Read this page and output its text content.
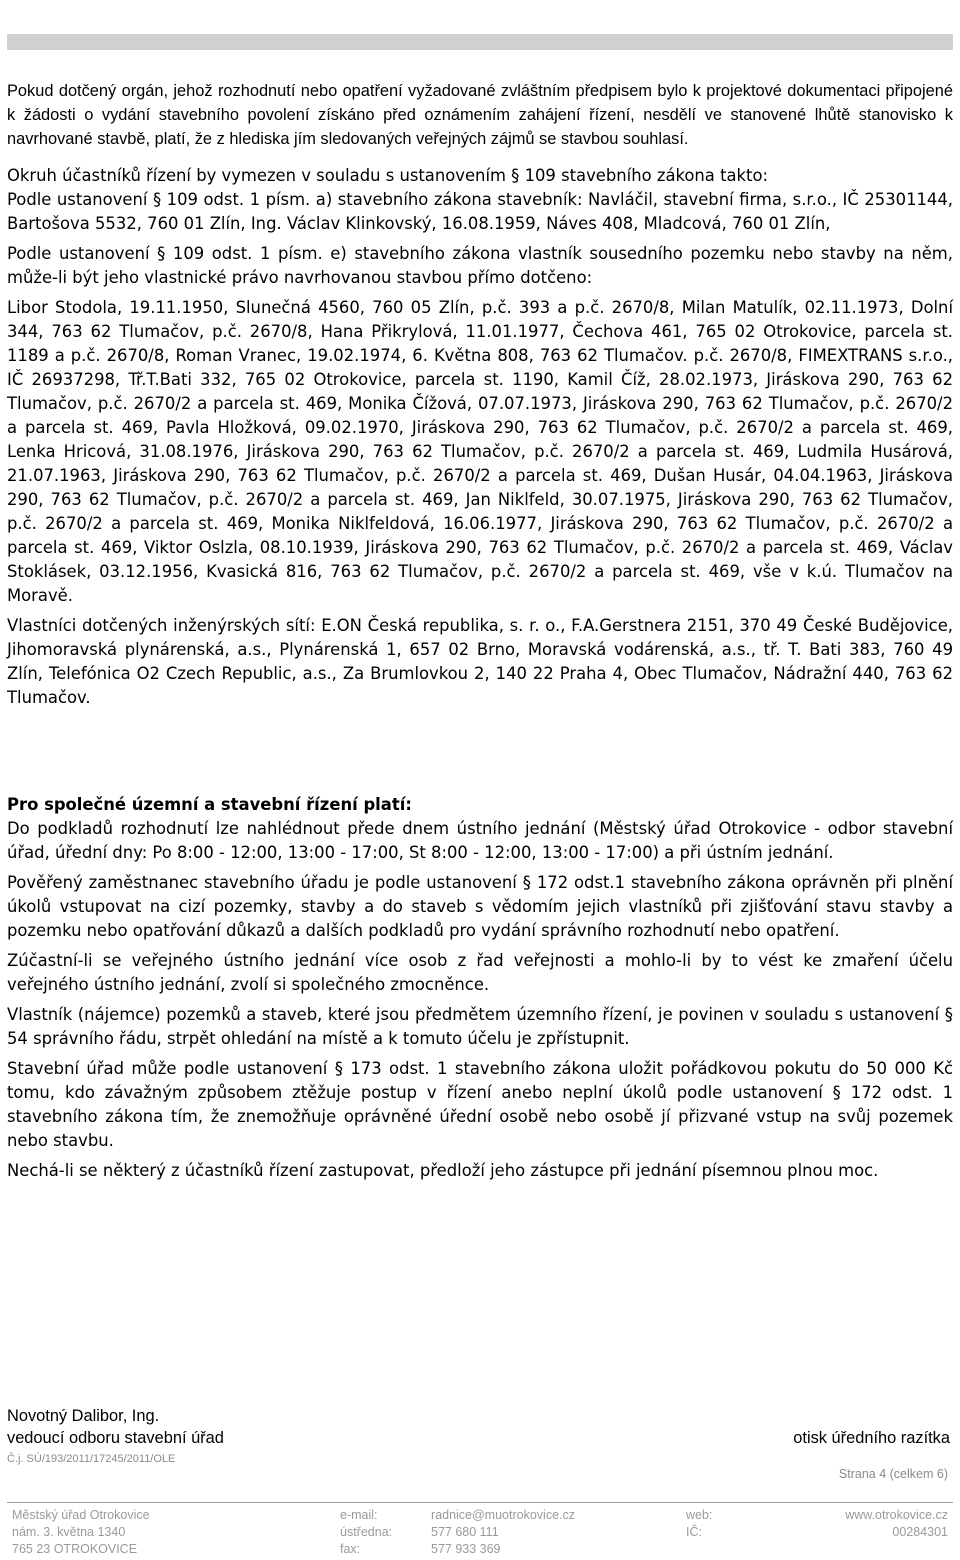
Pokud dotčený orgán, jehož rozhodnutí nebo opatření vyžadované zvláštním předpisem bylo k projektové dokumentaci připojené k žádosti o vydání stavebního povolení získáno před oznámením zahájení řízení, nesdělí ve stanovené lhůtě stanovisko k navrhované stavbě, platí, že z hlediska jím sledovaných veřejných zájmů se stavbou souhlasí.

Okruh účastníků řízení by vymezen v souladu s ustanovením § 109 stavebního zákona takto:

Podle ustanovení § 109 odst. 1 písm. a) stavebního zákona stavebník: Navláčil, stavební firma, s.r.o., IČ 25301144, Bartošova 5532, 760 01 Zlín, Ing. Václav Klinkovský, 16.08.1959, Náves 408, Mladcová, 760 01 Zlín,

Podle ustanovení § 109 odst. 1 písm. e) stavebního zákona vlastník sousedního pozemku nebo stavby na něm, může-li být jeho vlastnické právo navrhovanou stavbou přímo dotčeno:

Libor Stodola, 19.11.1950, Slunečná 4560, 760 05 Zlín, p.č. 393 a p.č. 2670/8, Milan Matulík, 02.11.1973, Dolní 344, 763 62 Tlumačov, p.č. 2670/8, Hana Přikrylová, 11.01.1977, Čechova 461, 765 02 Otrokovice, parcela st. 1189 a p.č. 2670/8, Roman Vranec, 19.02.1974, 6. Května 808, 763 62 Tlumačov. p.č. 2670/8, FIMEXTRANS s.r.o., IČ 26937298, Tř.T.Bati 332, 765 02 Otrokovice, parcela st. 1190, Kamil Číž, 28.02.1973, Jiráskova 290, 763 62 Tlumačov, p.č. 2670/2 a parcela st. 469, Monika Čížová, 07.07.1973, Jiráskova 290, 763 62 Tlumačov, p.č. 2670/2 a parcela st. 469, Pavla Hložková, 09.02.1970, Jiráskova 290, 763 62 Tlumačov, p.č. 2670/2 a parcela st. 469, Lenka Hricová, 31.08.1976, Jiráskova 290, 763 62 Tlumačov, p.č. 2670/2 a parcela st. 469, Ludmila Husárová, 21.07.1963, Jiráskova 290, 763 62 Tlumačov, p.č. 2670/2 a parcela st. 469, Dušan Husár, 04.04.1963, Jiráskova 290, 763 62 Tlumačov, p.č. 2670/2 a parcela st. 469, Jan Niklfeld, 30.07.1975, Jiráskova 290, 763 62 Tlumačov, p.č. 2670/2 a parcela st. 469, Monika Niklfeldová, 16.06.1977, Jiráskova 290, 763 62 Tlumačov, p.č. 2670/2 a parcela st. 469, Viktor Oslzla, 08.10.1939, Jiráskova 290, 763 62 Tlumačov, p.č. 2670/2 a parcela st. 469, Václav Stoklásek, 03.12.1956, Kvasická 816, 763 62 Tlumačov, p.č. 2670/2 a parcela st. 469, vše v k.ú. Tlumačov na Moravě.

Vlastníci dotčených inženýrských sítí: E.ON Česká republika, s. r. o., F.A.Gerstnera 2151, 370 49 České Budějovice, Jihomoravská plynárenská, a.s., Plynárenská 1, 657 02 Brno, Moravská vodárenská, a.s., tř. T. Bati 383, 760 49 Zlín, Telefónica O2 Czech Republic, a.s., Za Brumlovkou 2, 140 22 Praha 4, Obec Tlumačov, Nádražní 440, 763 62 Tlumačov.

Pro společné územní a stavební řízení platí:

Do podkladů rozhodnutí lze nahlédnout přede dnem ústního jednání (Městský úřad Otrokovice - odbor stavební úřad, úřední dny: Po 8:00 - 12:00, 13:00 - 17:00, St 8:00 - 12:00, 13:00 - 17:00) a při ústním jednání.

Pověřený zaměstnanec stavebního úřadu je podle ustanovení § 172 odst.1 stavebního zákona oprávněn při plnění úkolů vstupovat na cizí pozemky, stavby a do staveb s vědomím jejich vlastníků při zjišťování stavu stavby a pozemku nebo opatřování důkazů a dalších podkladů pro vydání správního rozhodnutí nebo opatření.

Zúčastní-li se veřejného ústního jednání více osob z řad veřejnosti a mohlo-li by to vést ke zmaření účelu veřejného ústního jednání, zvolí si společného zmocněnce.

Vlastník (nájemce) pozemků a staveb, které jsou předmětem územního řízení, je povinen v souladu s ustanovení § 54 správního řádu, strpět ohledání na místě a k tomuto účelu je zpřístupnit.

Stavební úřad může podle ustanovení § 173 odst. 1 stavebního zákona uložit pořádkovou pokutu do 50 000 Kč tomu, kdo závažným způsobem ztěžuje postup v řízení anebo neplní úkolů podle ustanovení § 172 odst. 1 stavebního zákona tím, že znemožňuje oprávněné úřední osobě nebo osobě jí přizvané vstup na svůj pozemek nebo stavbu.

Nechá-li se některý z účastníků řízení zastupovat, předloží jeho zástupce při jednání písemnou plnou moc.

Novotný Dalibor, Ing.
vedoucí odboru stavební úřad	otisk úředního razítka
Č.j. SÚ/193/2011/17245/2011/OLE
Strana 4 (celkem 6)
Městský úřad Otrokovice
nám. 3. května 1340
765 23 OTROKOVICE
e-mail:
ústředna:
fax:
radnice@muotrokovice.cz
577 680 111
577 933 369
web:
IČ:
www.otrokovice.cz
00284301
